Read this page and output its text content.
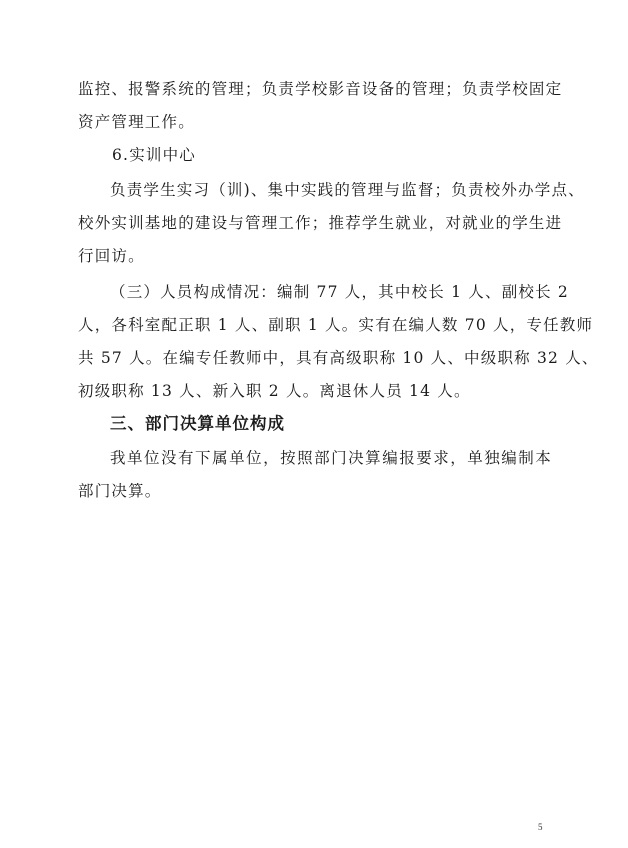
监控、报警系统的管理；负责学校影音设备的管理；负责学校固定
资产管理工作。
6.实训中心
负责学生实习（训)、集中实践的管理与监督；负责校外办学点、
校外实训基地的建设与管理工作；推荐学生就业，对就业的学生进
行回访。
（三）人员构成情况：编制 77 人，其中校长 1 人、副校长 2
人，各科室配正职 1 人、副职 1 人。实有在编人数 70 人，专任教师
共 57 人。在编专任教师中，具有高级职称 10 人、中级职称 32 人、
初级职称 13 人、新入职 2 人。离退休人员 14 人。
三、部门决算单位构成
我单位没有下属单位，按照部门决算编报要求，单独编制本
部门决算。
5
